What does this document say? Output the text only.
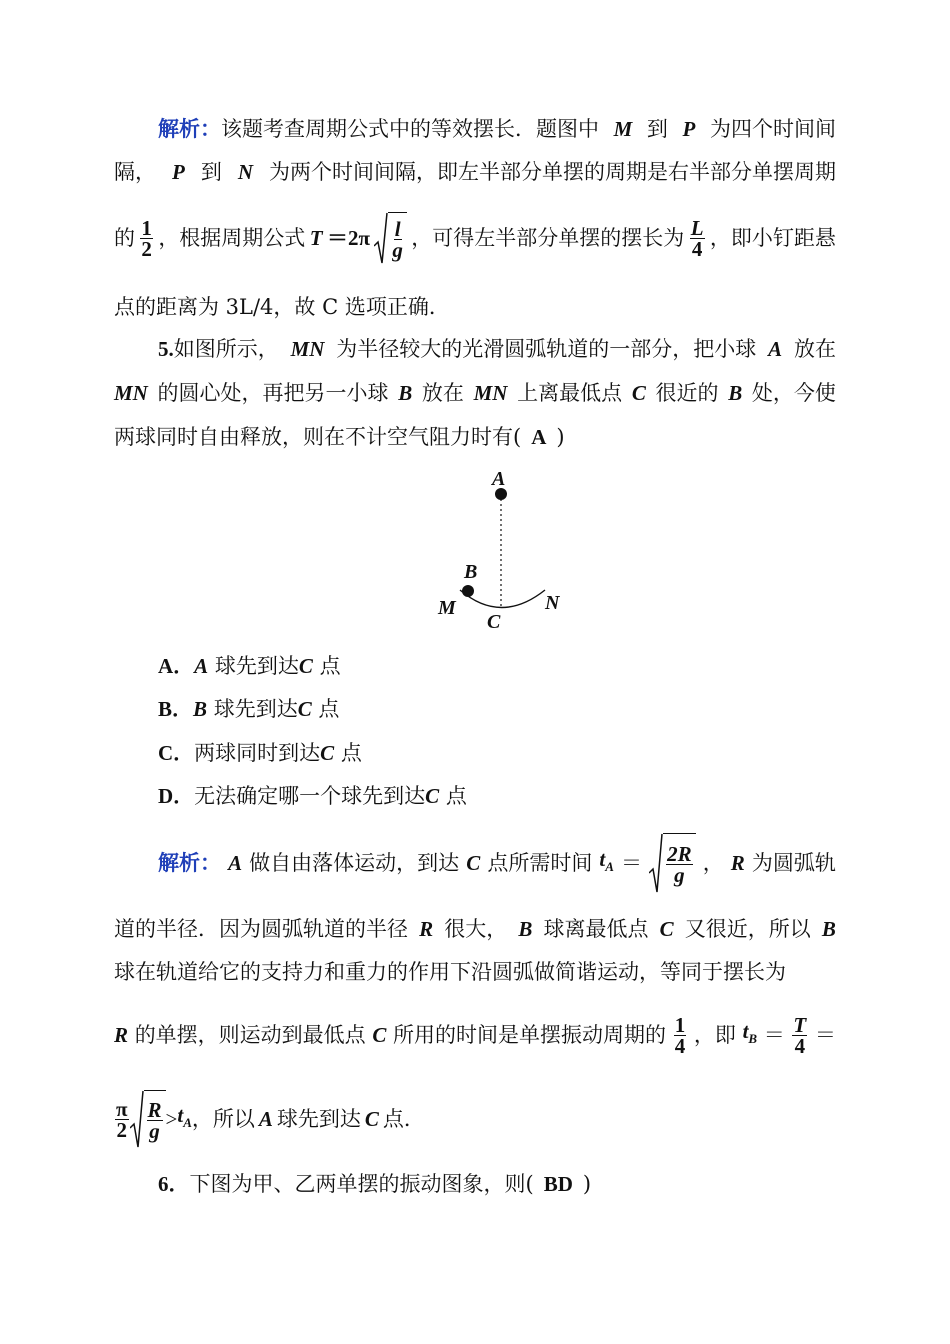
解析：该题考查周期公式中的等效摆长．题图中 M 到 P 为四个时间间
隔， P 到 N 为两个时间间隔，即左半部分单摆的周期是右半部分单摆周期
的 $\frac{1}{2}$ ，根据周期公式 $T =2\pi \frac{l}{g}$ ，可得左半部分单摆的摆长为 $\frac{L}{4}$ ，即小钉距悬
点的距离为 3L/4，故 C 选项正确．
5.如图所示， MN 为半径较大的光滑圆弧轨道的一部分，把小球 A 放在
MN 的圆心处，再把另一小球 B 放在 MN 上离最低点 C 很近的 B 处，今使
两球同时自由释放，则在不计空气阻力时有( A )
A
B
M	N
C
A．A 球先到达C 点
B．B 球先到达C 点
C．两球同时到达C 点
D．无法确定哪一个球先到达C 点
解析： A 做自由落体运动，到达 C 点所需时间 $t_A = \frac{2R}{g}$ ， R 为圆弧轨
道的半径．因为圆弧轨道的半径 R 很大， B 球离最低点 C 又很近，所以 B
球在轨道给它的支持力和重力的作用下沿圆弧做简谐运动，等同于摆长为
R 的单摆，则运动到最低点 C 所用的时间是单摆振动周期的 $\frac{1}{4}$ ，即 $t_B = \frac{T}{4}$ ＝
$\frac{\pi}{2} \frac{R}{g} > t_A$ ，所以 A 球先到达 C 点．
6．下图为甲、乙两单摆的振动图象，则( BD )
